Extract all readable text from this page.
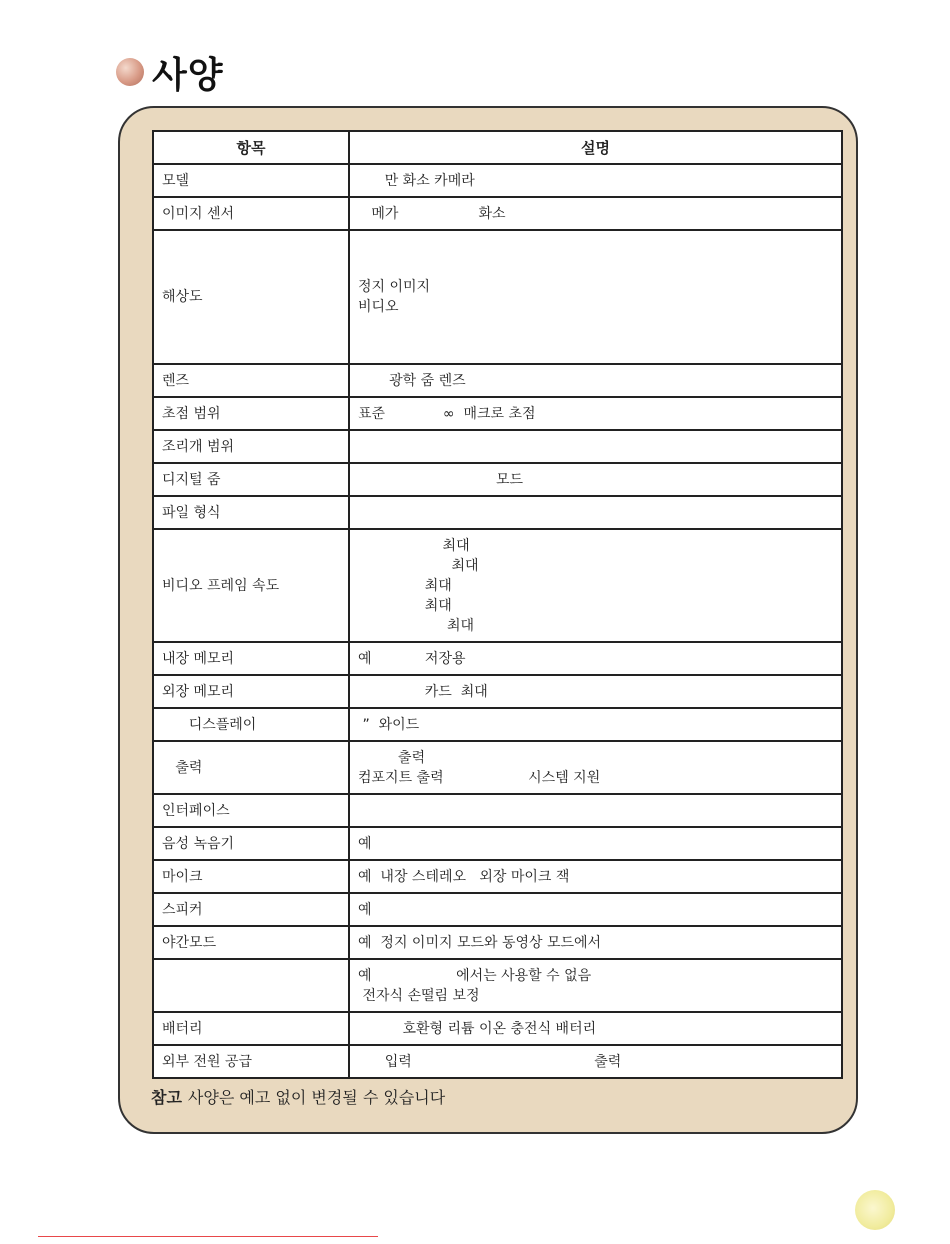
사양
항목	설명
모델	만 화소 카메라
이미지 센서	메가                  화소
해상도	정지 이미지
비디오
렌즈	광학 줌 렌즈
초점 범위	표준             ∞  매크로 초점
조리개 범위	
디지털 줌	모드
파일 형식	
비디오 프레임 속도	최대
최대
최대
최대
최대
내장 메모리	예            저장용
외장 메모리	카드  최대
디스플레이	”  와이드
출력	출력
컴포지트 출력                   시스템 지원
인터페이스	
음성 녹음기	예
마이크	예  내장 스테레오   외장 마이크 잭
스피커	예
야간모드	예  정지 이미지 모드와 동영상 모드에서
	예                   에서는 사용할 수 없음
전자식 손떨림 보정
배터리	호환형 리튬 이온 충전식 배터리
외부 전원 공급	입력                                         출력
참고 사양은 예고 없이 변경될 수 있습니다
